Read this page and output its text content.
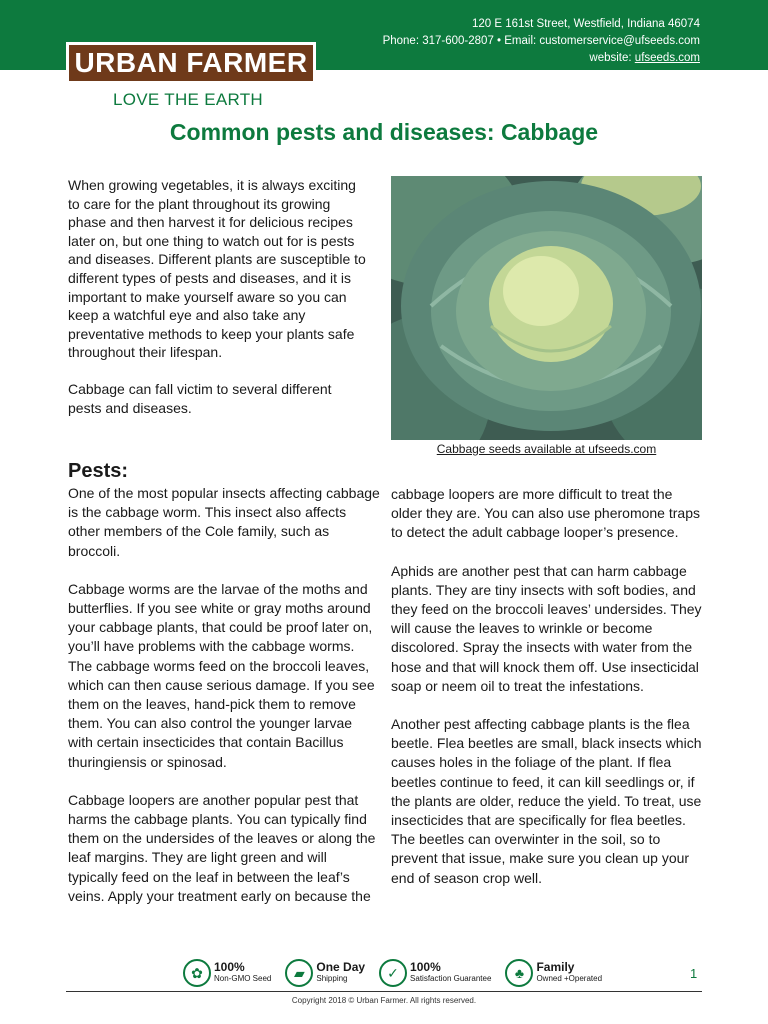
120 E 161st Street, Westfield, Indiana 46074
Phone: 317-600-2807 • Email: customerservice@ufseeds.com
website: ufseeds.com
URBAN FARMER
LOVE THE EARTH
Common pests and diseases: Cabbage

When growing vegetables, it is always exciting to care for the plant throughout its growing phase and then harvest it for delicious recipes later on, but one thing to watch out for is pests and diseases. Different plants are susceptible to different types of pests and diseases, and it is important to make yourself aware so you can keep a watchful eye and also take any preventative methods to keep your plants safe throughout their lifespan.

Cabbage can fall victim to several different pests and diseases.

Cabbage seeds available at ufseeds.com
Pests:

One of the most popular insects affecting cabbage is the cabbage worm. This insect also affects other members of the Cole family, such as broccoli.

Cabbage worms are the larvae of the moths and butterflies. If you see white or gray moths around your cabbage plants, that could be proof later on, you’ll have problems with the cabbage worms. The cabbage worms feed on the broccoli leaves, which can then cause serious damage. If you see them on the leaves, hand-pick them to remove them. You can also control the younger larvae with certain insecticides that contain Bacillus thuringiensis or spinosad.

Cabbage loopers are another popular pest that harms the cabbage plants. You can typically find them on the undersides of the leaves or along the leaf margins. They are light green and will typically feed on the leaf in between the leaf’s veins. Apply your treatment early on because the

cabbage loopers are more difficult to treat the older they are. You can also use pheromone traps to detect the adult cabbage looper’s presence.

Aphids are another pest that can harm cabbage plants. They are tiny insects with soft bodies, and they feed on the broccoli leaves’ undersides. They will cause the leaves to wrinkle or become discolored. Spray the insects with water from the hose and that will knock them off. Use insecticidal soap or neem oil to treat the infestations.

Another pest affecting cabbage plants is the flea beetle. Flea beetles are small, black insects which causes holes in the foliage of the plant. If flea beetles continue to feed, it can kill seedlings or, if the plants are older, reduce the yield. To treat, use insecticides that are specifically for flea beetles. The beetles can overwinter in the soil, so to prevent that issue, make sure you clean up your end of season crop well.

✿ 100%
Non-GMO Seed	▰ One Day
Shipping	✓ 100%
Satisfaction Guarantee	♣	Family
Owned +Operated	1
Copyright 2018 © Urban Farmer. All rights reserved.
